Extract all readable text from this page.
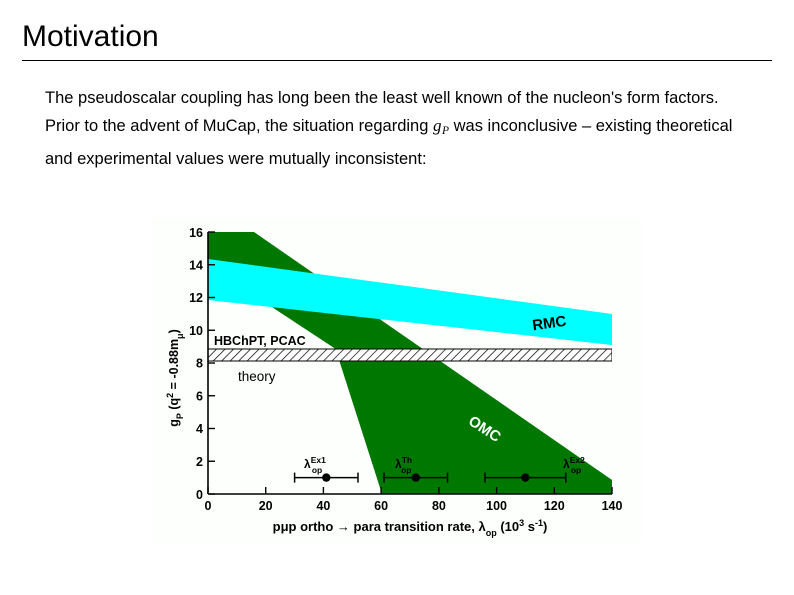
Motivation
The pseudoscalar coupling has long been the least well known of the nucleon's form factors.  Prior to the advent of MuCap, the situation regarding $g_P$ was inconclusive – existing theoretical and experimental values were mutually inconsistent:
0
2
4
6
8
10
12
14
16
0	20	40	60	80	100	120	140
$g_P$ $(q^2 = -0.88m_\mu)$
pμp ortho → para transition rate, $\lambda_{op}$ ($10^3$ $s^{-1}$)
RMC
OMC
HBChPT, PCAC
theory
$\lambda^{Ex1}$ $_{op}$	$\lambda^{Th}$ $_{op}$	$\lambda^{Ex2}$ $_{op}$
